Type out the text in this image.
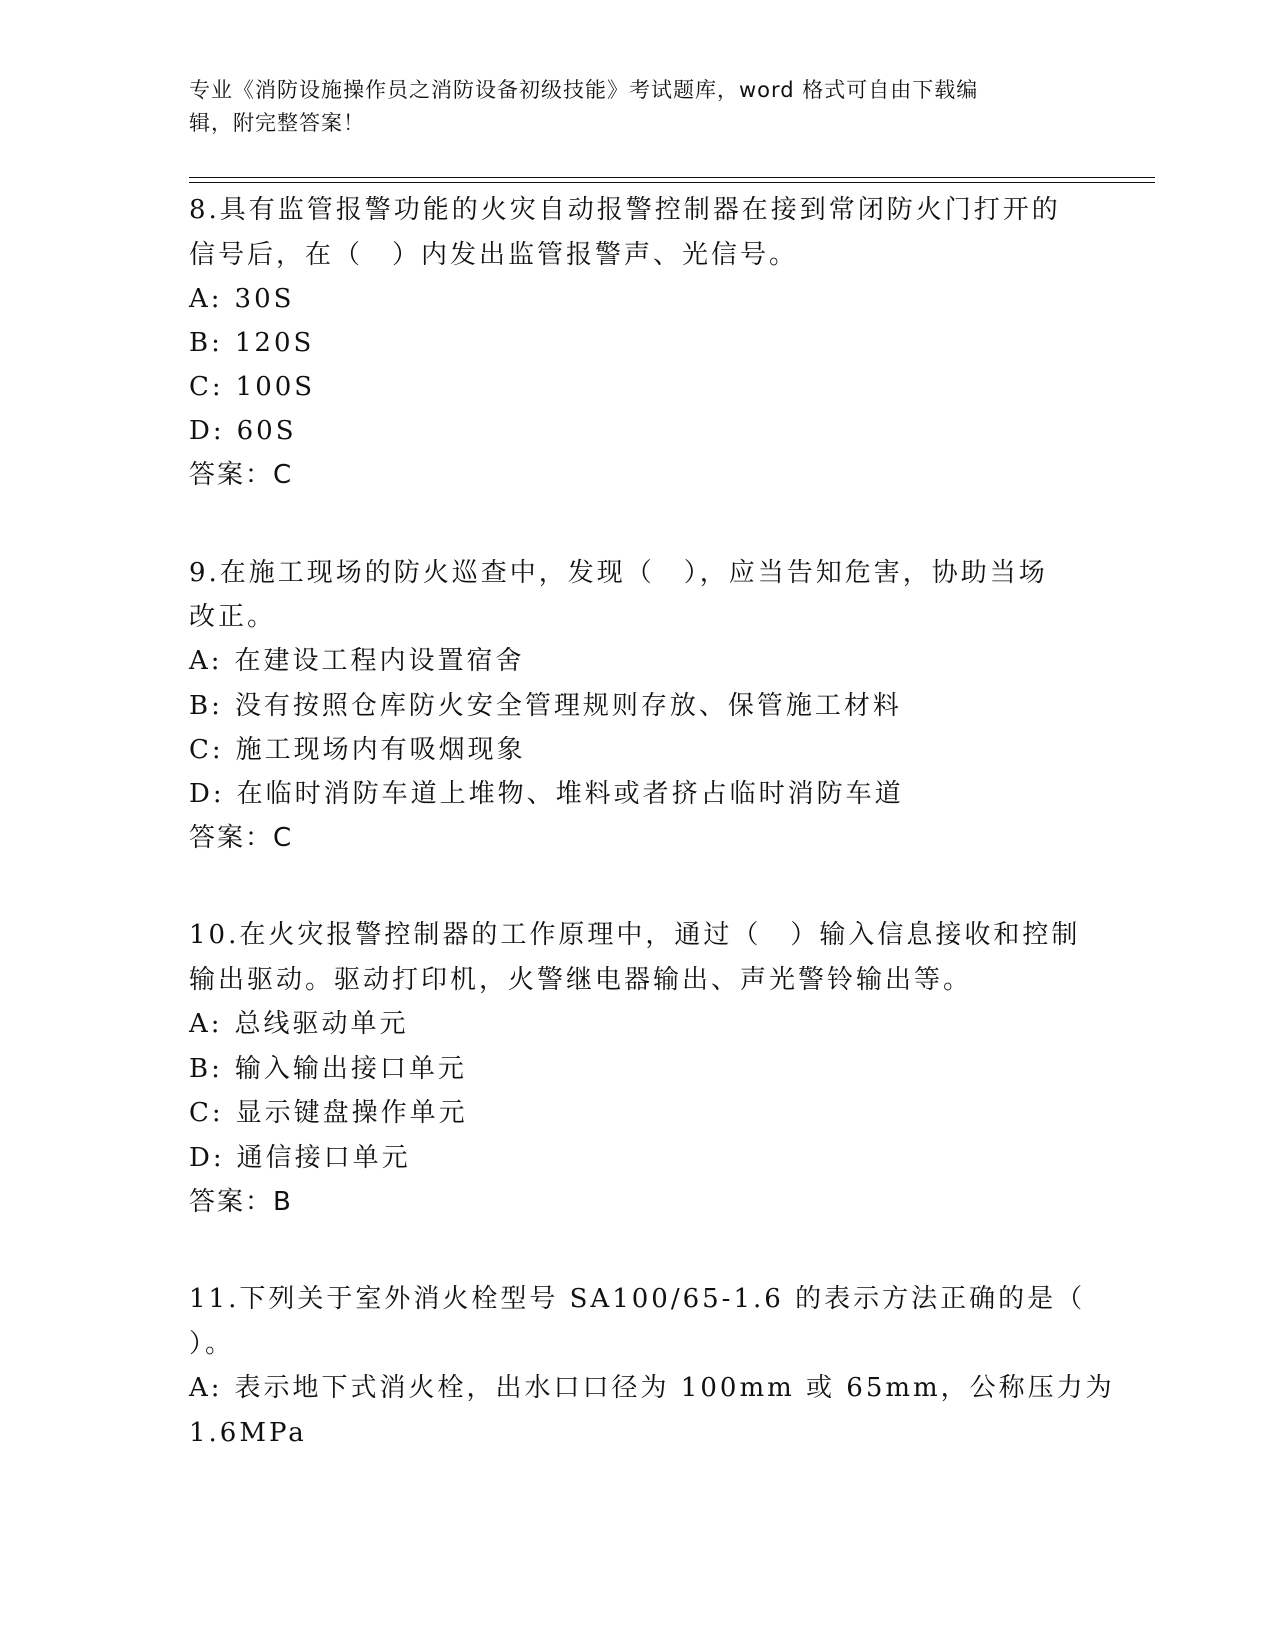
专业《消防设施操作员之消防设备初级技能》考试题库，word 格式可自由下载编
辑，附完整答案！
8.具有监管报警功能的火灾自动报警控制器在接到常闭防火门打开的
信号后，在（　）内发出监管报警声、光信号。
A: 30S
B: 120S
C: 100S
D: 60S
答案：C
9.在施工现场的防火巡查中，发现（　），应当告知危害，协助当场
改正。
A: 在建设工程内设置宿舍
B: 没有按照仓库防火安全管理规则存放、保管施工材料
C: 施工现场内有吸烟现象
D: 在临时消防车道上堆物、堆料或者挤占临时消防车道
答案：C
10.在火灾报警控制器的工作原理中，通过（　）输入信息接收和控制
输出驱动。驱动打印机，火警继电器输出、声光警铃输出等。
A: 总线驱动单元
B: 输入输出接口单元
C: 显示键盘操作单元
D: 通信接口单元
答案：B
11.下列关于室外消火栓型号 SA100/65-1.6 的表示方法正确的是（
）。
A: 表示地下式消火栓，出水口口径为 100mm 或 65mm，公称压力为
1.6MPa
